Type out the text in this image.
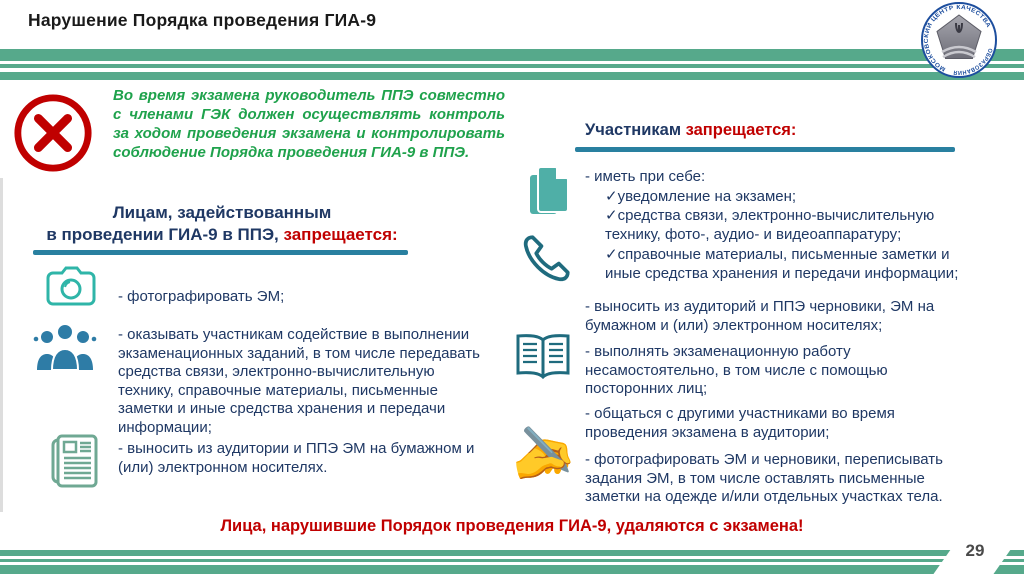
Нарушение Порядка проведения ГИА-9
МОСКОВСКИЙ ЦЕНТР КАЧЕСТВА
ОБРАЗОВАНИЯ
Во время экзамена руководитель ППЭ совместно с членами ГЭК должен осуществлять контроль за ходом проведения экзамена и контролировать соблюдение Порядка проведения ГИА-9 в ППЭ.
Лицам, задействованным
в проведении ГИА-9 в ППЭ, запрещается:
- фотографировать ЭМ;
- оказывать участникам содействие в выполнении экзаменационных заданий, в том числе передавать средства связи, электронно-вычислительную технику, справочные материалы, письменные заметки и иные средства хранения и передачи информации;
- выносить из аудитории и ППЭ ЭМ на бумажном и (или) электронном носителях.
Участникам запрещается:
- иметь при себе:
✓уведомление на экзамен;
✓средства связи, электронно-вычислительную технику, фото-, аудио- и видеоаппаратуру;
✓справочные материалы, письменные заметки и иные средства хранения и передачи информации;
- выносить из аудиторий и ППЭ черновики, ЭМ на бумажном и (или) электронном носителях;
- выполнять экзаменационную работу несамостоятельно, в том числе с помощью посторонних лиц;
- общаться с другими участниками во время проведения экзамена в аудитории;
✍ - фотографировать ЭМ и черновики, переписывать задания ЭМ, в том числе оставлять письменные заметки на одежде и/или отдельных участках тела.
Лица, нарушившие Порядок проведения ГИА-9, удаляются с экзамена!
29
